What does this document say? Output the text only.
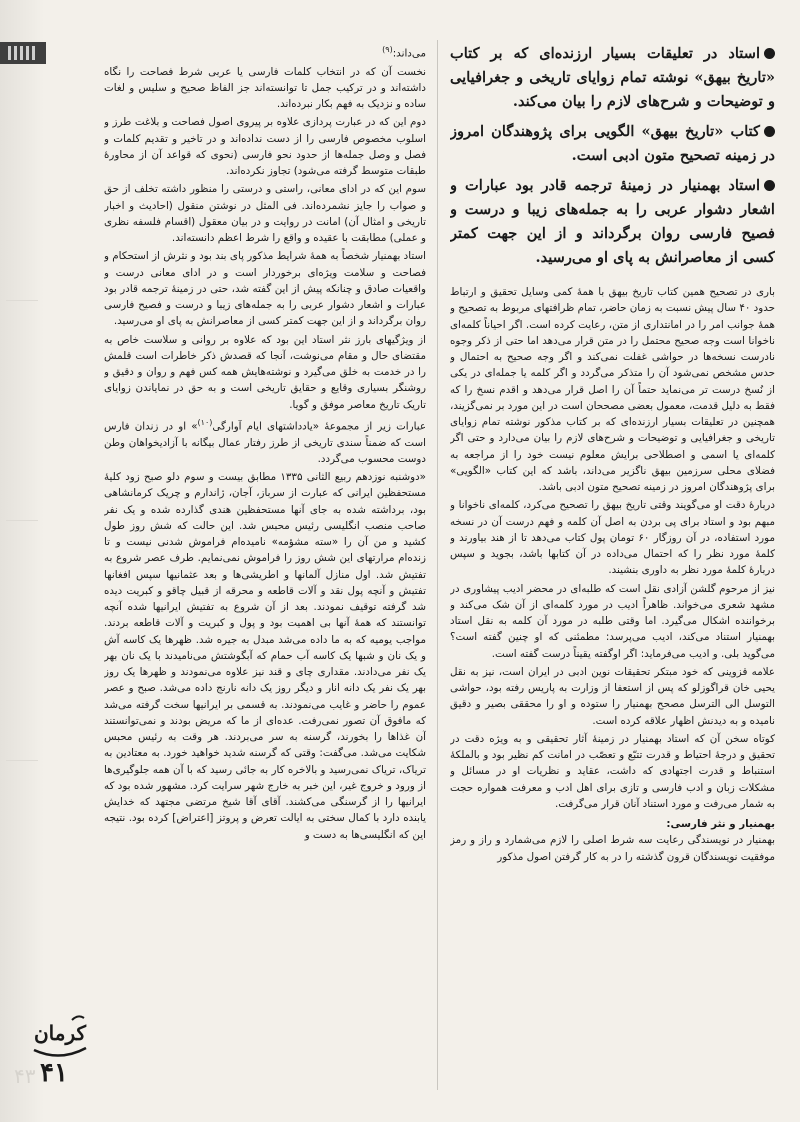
استاد در تعلیقات بسیار ارزنده‌ای که بر کتاب «تاریخ بیهق» نوشته تمام زوایای تاریخی و جغرافیایی و توضیحات و شرح‌های لازم را بیان می‌کند.

کتاب «تاریخ بیهق» الگویی برای پژوهندگان امروز در زمینه تصحیح متون ادبی است.

استاد بهمنیار در زمینهٔ ترجمه قادر بود عبارات و اشعار دشوار عربی را به جمله‌های زیبا و درست و فصیح فارسی روان برگرداند و از این جهت کمتر کسی از معاصرانش به پای او می‌رسید.

باری در تصحیح همین کتاب تاریخ بیهق با همهٔ کمی وسایل تحقیق و ارتباط حدود ۴۰ سال پیش نسبت به زمان حاضر، تمام ظرافتهای مربوط به تصحیح و همهٔ جوانب امر را در امانتداری از متن، رعایت کرده است. اگر احیاناً کلمه‌ای ناخوانا است وجه صحیح محتمل را در متن قرار می‌دهد اما حتی از ذکر وجوه نادرست نسخه‌ها در حواشی غفلت نمی‌کند و اگر وجه صحیح به احتمال و حدس مشخص نمی‌شود آن را متذکر می‌گردد و اگر کلمه یا جمله‌ای در یکی از نُسخ درست تر می‌نماید حتماً آن را اصل قرار می‌دهد و اقدم نسخ را که فقط به دلیل قدمت، معمول بعضی مصححان است در این مورد بر نمی‌گزیند، همچنین در تعلیقات بسیار ارزنده‌ای که بر کتاب مذکور نوشته تمام زوایای تاریخی و جغرافیایی و توضیحات و شرح‌های لازم را بیان می‌دارد و حتی اگر کلمه‌ای یا اسمی و اصطلاحی برایش معلوم نیست خود را از مراجعه به فضلای محلی سرزمین بیهق ناگزیر می‌داند، باشد که این کتاب «الگویی» برای پژوهندگان امروز در زمینه تصحیح متون ادبی باشد.

دربارهٔ دقت او می‌گویند وقتی تاریخ بیهق را تصحیح می‌کرد، کلمه‌ای ناخوانا و مبهم بود و استاد برای پی بردن به اصل آن کلمه و فهم درست آن در نسخه مورد استفاده، در آن روزگار ۶۰ تومان پول کتاب می‌دهد تا از هند بیاورند و کلمهٔ مورد نظر را که احتمال می‌داده در آن کتابها باشد، بجوید و سپس دربارهٔ کلمهٔ مورد نظر به داوری بنشیند.

نیز از مرحوم گلشن آزادی نقل است که طلبه‌ای در محضر ادیب پیشاوری در مشهد شعری می‌خواند. ظاهراً ادیب در مورد کلمه‌ای از آن شک می‌کند و برخواننده اشکال می‌گیرد. اما وقتی طلبه در مورد آن کلمه به نقل استاد بهمنیار استناد می‌کند، ادیب می‌پرسد: مطمئنی که او چنین گفته است؟ می‌گوید بلی. و ادیب می‌فرماید: اگر اوگفته یقیناً درست گفته است.

علامه قزوینی که خود مبتکر تحقیقات نوین ادبی در ایران است، نیز به نقل یحیی خان قراگوزلو که پس از استعفا از وزارت به پاریس رفته بود، حواشی التوسل الی الترسل مصحح بهمنیار را ستوده و او را محققی بصیر و دقیق نامیده و به دیدنش اظهار علاقه کرده است.

کوتاه سخن آن که استاد بهمنیار در زمینهٔ آثار تحقیقی و به ویژه دقت در تحقیق و درجهٔ احتیاط و قدرت تتبّع و تعصّب در امانت کم نظیر بود و بالملکهٔ استنباط و قدرت اجتهادی که داشت، عقاید و نظریات او در مسائل و مشکلات زبان و ادب فارسی و تازی برای اهل ادب و معرفت همواره حجت به شمار می‌رفت و مورد استناد آنان قرار می‌گرفت.

بهمنیار و نثر فارسی:

بهمنیار در نویسندگی رعایت سه شرط اصلی را لازم می‌شمارد و راز و رمز موفقیت نویسندگان قرون گذشته را در به کار گرفتن اصول مذکور

می‌داند:$^{(۹)}$

نخست آن که در انتخاب کلمات فارسی یا عربی شرط فصاحت را نگاه داشته‌اند و در ترکیب جمل تا توانسته‌اند جز الفاظ صحیح و سلیس و لغات ساده و نزدیک به فهم بکار نبرده‌اند.

دوم این که در عبارت پردازی علاوه بر پیروی اصول فصاحت و بلاغت طرز و اسلوب مخصوص فارسی را از دست نداده‌اند و در تاخیر و تقدیم کلمات و فصل و وصل جمله‌ها از حدود نحو فارسی (نحوی که قواعد آن از محاورهٔ طبقات متوسط گرفته می‌شود) تجاوز نکرده‌اند.

سوم این که در ادای معانی، راستی و درستی را منظور داشته تخلف از حق و صواب را جایز نشمرده‌اند. فی المثل در نوشتن منقول (احادیث و اخبار تاریخی و امثال آن) امانت در روایت و در بیان معقول (اقسام فلسفه نظری و عملی) مطابقت با عقیده و واقع را شرط اعظم دانسته‌اند.

استاد بهمنیار شخصاً به همهٔ شرایط مذکور پای بند بود و نثرش از استحکام و فصاحت و سلامت ویژه‌ای برخوردار است و در ادای معانی درست و واقعیات صادق و چنانکه پیش از این گفته شد، حتی در زمینهٔ ترجمه قادر بود عبارات و اشعار دشوار عربی را به جمله‌های زیبا و درست و فصیح فارسی روان برگرداند و از این جهت کمتر کسی از معاصرانش به پای او می‌رسید.

از ویژگیهای بارز نثر استاد این بود که علاوه بر روانی و سلاست خاص به مقتضای حال و مقام می‌نوشت، آنجا که قصدش ذکر خاطرات است قلمش را در خدمت به خلق می‌گیرد و نوشته‌هایش همه کس فهم و روان و دقیق و روشنگر بسیاری وقایع و حقایق تاریخی است و به حق در نمایاندن زوایای تاریک تاریخ معاصر موفق و گویا.

عبارات زیر از مجموعهٔ «یادداشتهای ایام آوارگی$^{(۱۰)}$» او در زندان فارس است که ضمناً سندی تاریخی از طرز رفتار عمال بیگانه با آزادیخواهان وطن دوست محسوب می‌گردد.

«دوشنبه نوزدهم ربیع الثانی ۱۳۳۵ مطابق بیست و سوم دلو صبح زود کلیهٔ مستحفظین ایرانی که عبارت از سرباز، آجان، ژاندارم و چریک کرمانشاهی بود، برداشته شده به جای آنها مستحفظین هندی گذارده شده و یک نفر صاحب منصب انگلیسی رئیس محبس شد. این حالت که شش روز طول کشید و من آن را «سته مشؤمه» نامیده‌ام فراموش شدنی نیست و تا زنده‌ام مرارتهای این شش روز را فراموش نمی‌نمایم. طرف عصر شروع به تفتیش شد. اول منازل آلمانها و اطریشی‌ها و بعد عثمانیها سپس افغانها تفتیش و آنچه پول نقد و آلات قاطعه و محرقه از قبیل چاقو و کبریت دیده شد گرفته توقیف نمودند. بعد از آن شروع به تفتیش ایرانیها شده آنچه توانستند که همهٔ آنها بی اهمیت بود و پول و کبریت و آلات قاطعه بردند. مواجب یومیه که به ما داده می‌شد مبدل به جیره شد. ظهرها یک کاسه آش و یک نان و شبها یک کاسه آب حمام که آبگوشتش می‌نامیدند با یک نان بهر یک نفر می‌دادند. مقداری چای و قند نیز علاوه می‌نمودند و ظهرها یک روز بهر یک نفر یک دانه انار و دیگر روز یک دانه نارنج داده می‌شد. صبح و عصر عموم را حاضر و غایب می‌نمودند. به قسمی بر ایرانیها سخت گرفته می‌شد که مافوق آن تصور نمی‌رفت. عده‌ای از ما که مریض بودند و نمی‌توانستند آن غذاها را بخورند، گرسنه به سر می‌بردند. هر وقت به رئیس محبس شکایت می‌شد. می‌گفت: وقتی که گرسنه شدید خواهید خورد. به معتادین به تریاک، تریاک نمی‌رسید و بالاخره کار به جائی رسید که با آن همه جلوگیری‌ها از ورود و خروج غیر، این خبر به خارج شهر سرایت کرد. مشهور شده بود که ایرانیها را از گرسنگی می‌کشند. آقای آقا شیخ مرتضی مجتهد که خدایش یابنده دارد با کمال سختی به ایالت تعرض و پروتز [اعتراض] کرده بود. نتیجه این که انگلیسی‌ها به دست و

کرمان
۴۳ ۴۱
